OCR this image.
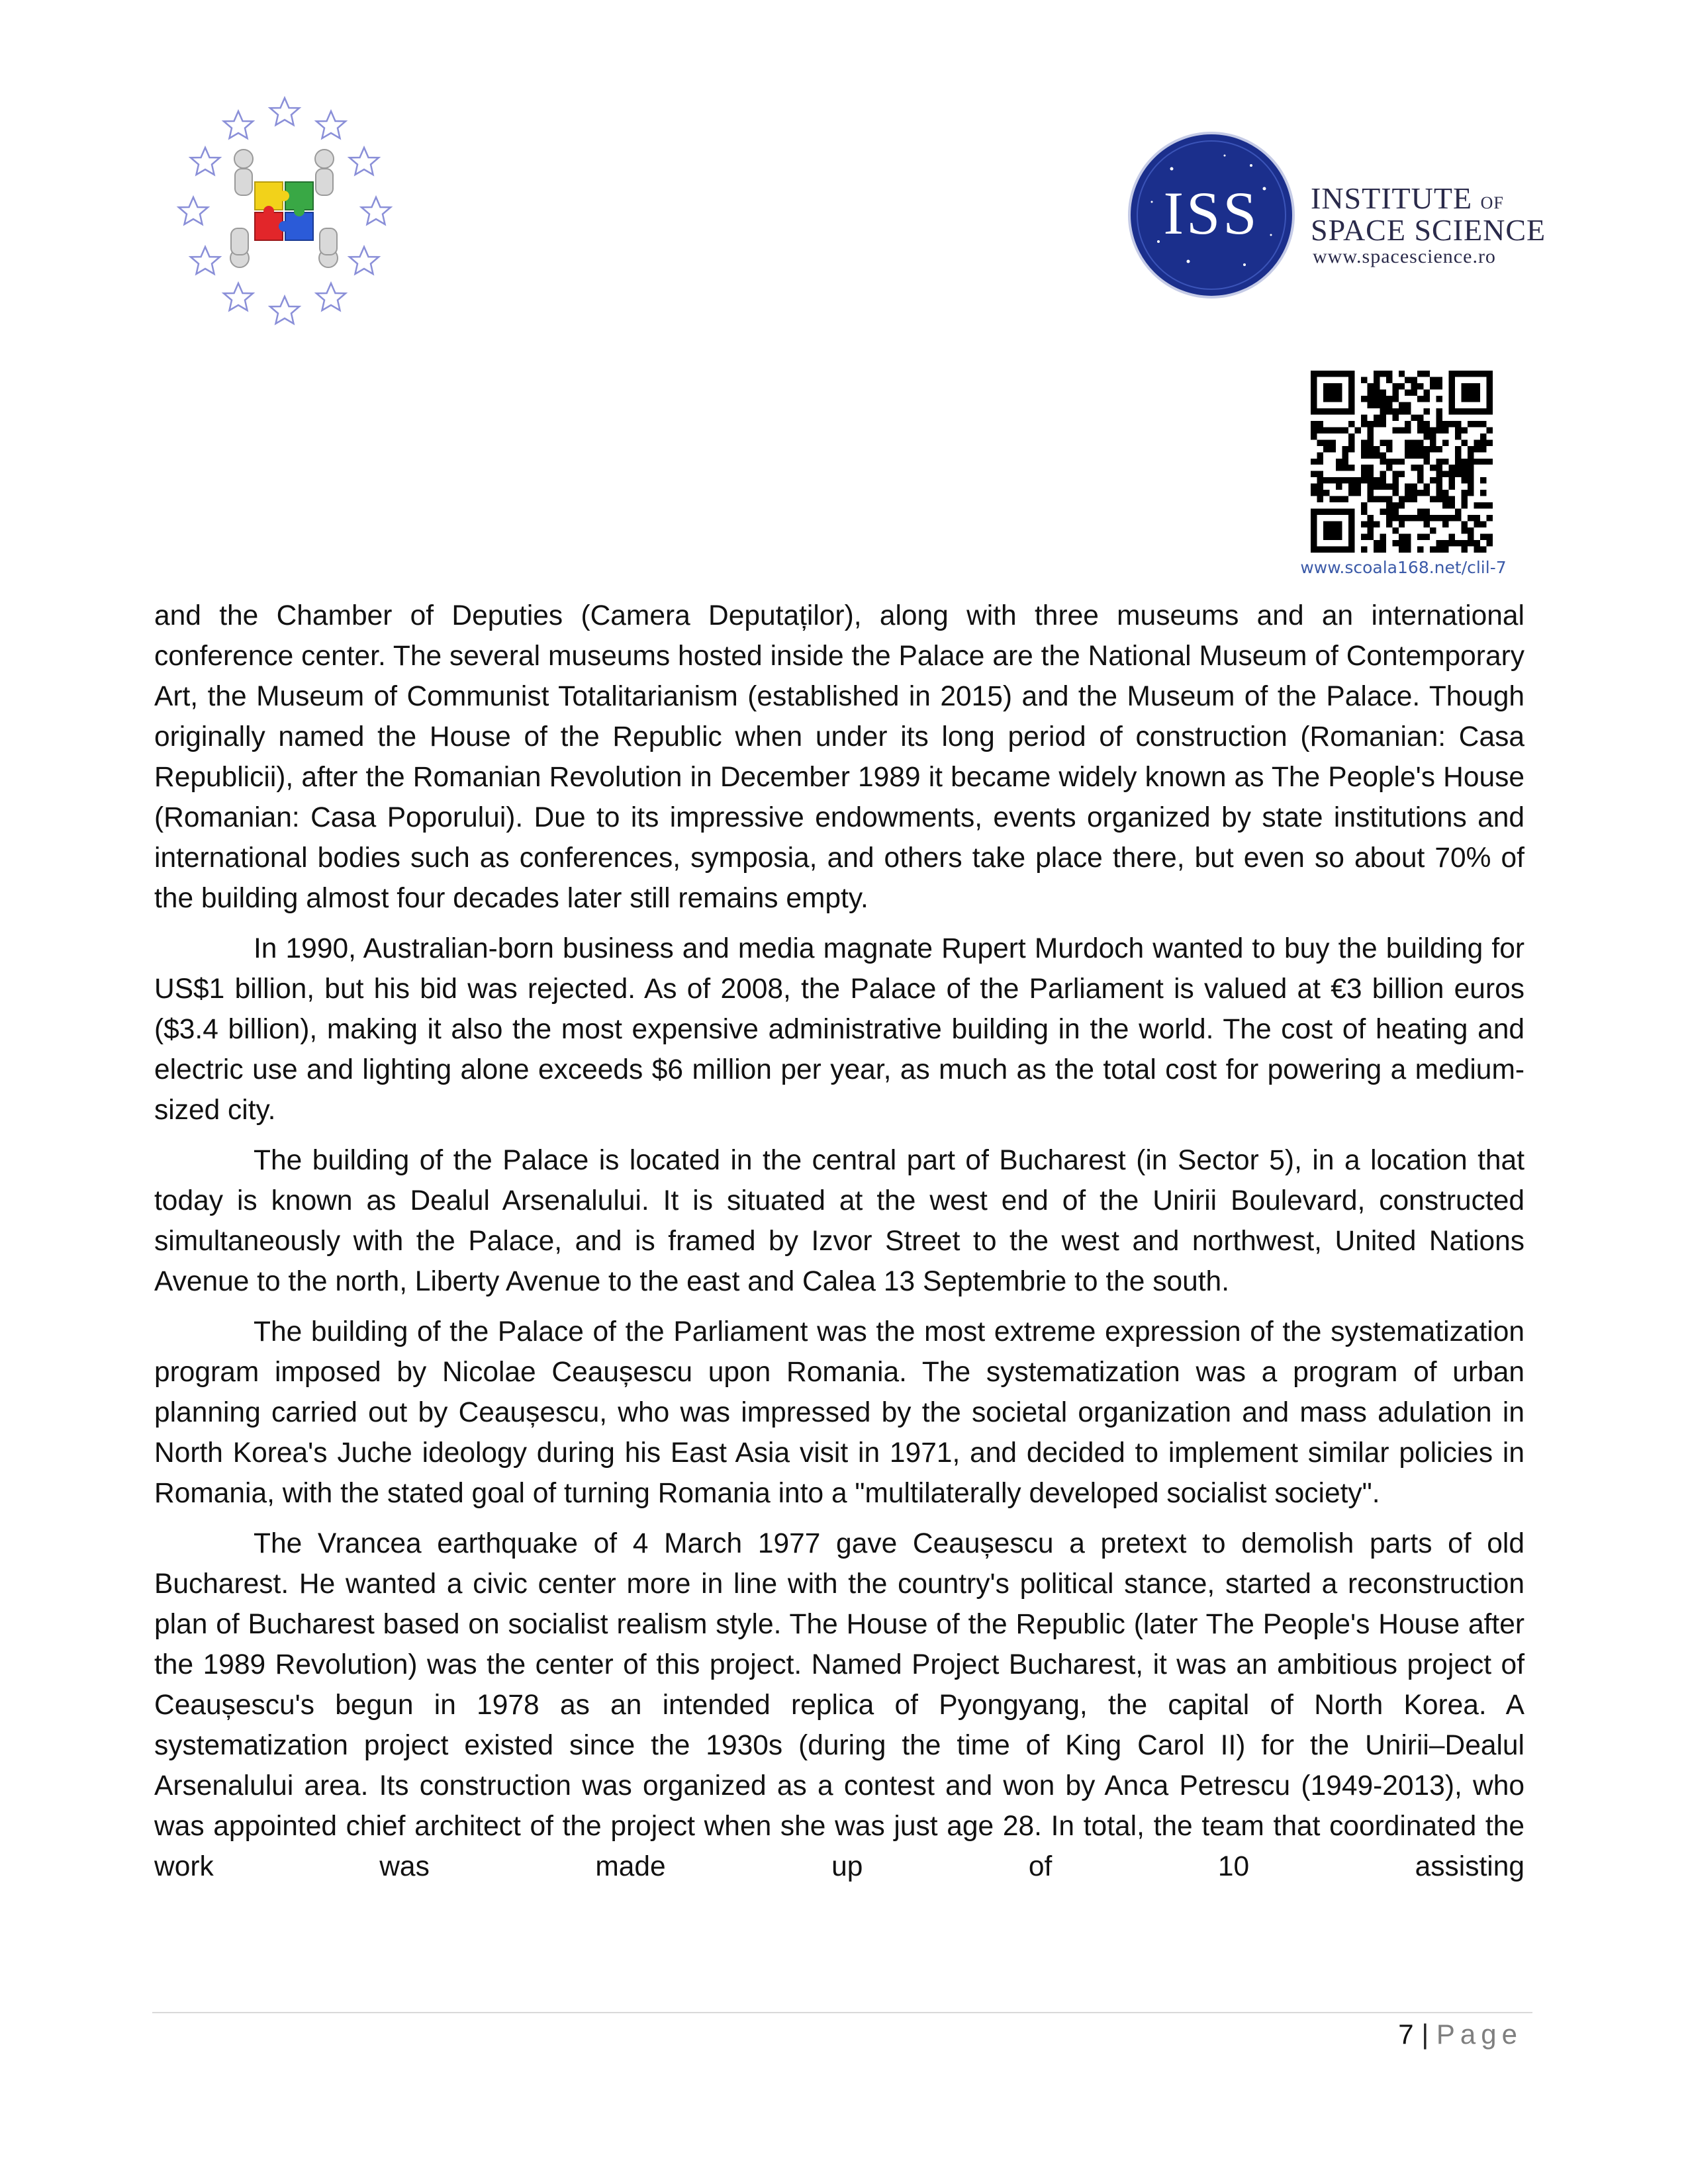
ISS INSTITUTE OF
SPACE SCIENCE
www.spacescience.ro
www.scoala168.net/clil-7

and the Chamber of Deputies (Camera Deputaților), along with three museums and an international conference center. The several museums hosted inside the Palace are the National Museum of Contemporary Art, the Museum of Communist Totalitarianism (established in 2015) and the Museum of the Palace. Though originally named the House of the Republic when under its long period of construction (Romanian: Casa Republicii), after the Romanian Revolution in December 1989 it became widely known as The People's House (Romanian: Casa Poporului). Due to its impressive endowments, events organized by state institutions and international bodies such as conferences, symposia, and others take place there, but even so about 70% of the building almost four decades later still remains empty.

In 1990, Australian-born business and media magnate Rupert Murdoch wanted to buy the building for US$1 billion, but his bid was rejected. As of 2008, the Palace of the Parliament is valued at €3 billion euros ($3.4 billion), making it also the most expensive administrative building in the world. The cost of heating and electric use and lighting alone exceeds $6 million per year, as much as the total cost for powering a medium-sized city.

The building of the Palace is located in the central part of Bucharest (in Sector 5), in a location that today is known as Dealul Arsenalului. It is situated at the west end of the Unirii Boulevard, constructed simultaneously with the Palace, and is framed by Izvor Street to the west and northwest, United Nations Avenue to the north, Liberty Avenue to the east and Calea 13 Septembrie to the south.

The building of the Palace of the Parliament was the most extreme expression of the systematization program imposed by Nicolae Ceaușescu upon Romania. The systematization was a program of urban planning carried out by Ceaușescu, who was impressed by the societal organization and mass adulation in North Korea's Juche ideology during his East Asia visit in 1971, and decided to implement similar policies in Romania, with the stated goal of turning Romania into a "multilaterally developed socialist society".

The Vrancea earthquake of 4 March 1977 gave Ceaușescu a pretext to demolish parts of old Bucharest. He wanted a civic center more in line with the country's political stance, started a reconstruction plan of Bucharest based on socialist realism style. The House of the Republic (later The People's House after the 1989 Revolution) was the center of this project. Named Project Bucharest, it was an ambitious project of Ceaușescu's begun in 1978 as an intended replica of Pyongyang, the capital of North Korea. A systematization project existed since the 1930s (during the time of King Carol II) for the Unirii–Dealul Arsenalului area. Its construction was organized as a contest and won by Anca Petrescu (1949-2013), who was appointed chief architect of the project when she was just age 28. In total, the team that coordinated the work was made up of 10 assisting

7 | Page
